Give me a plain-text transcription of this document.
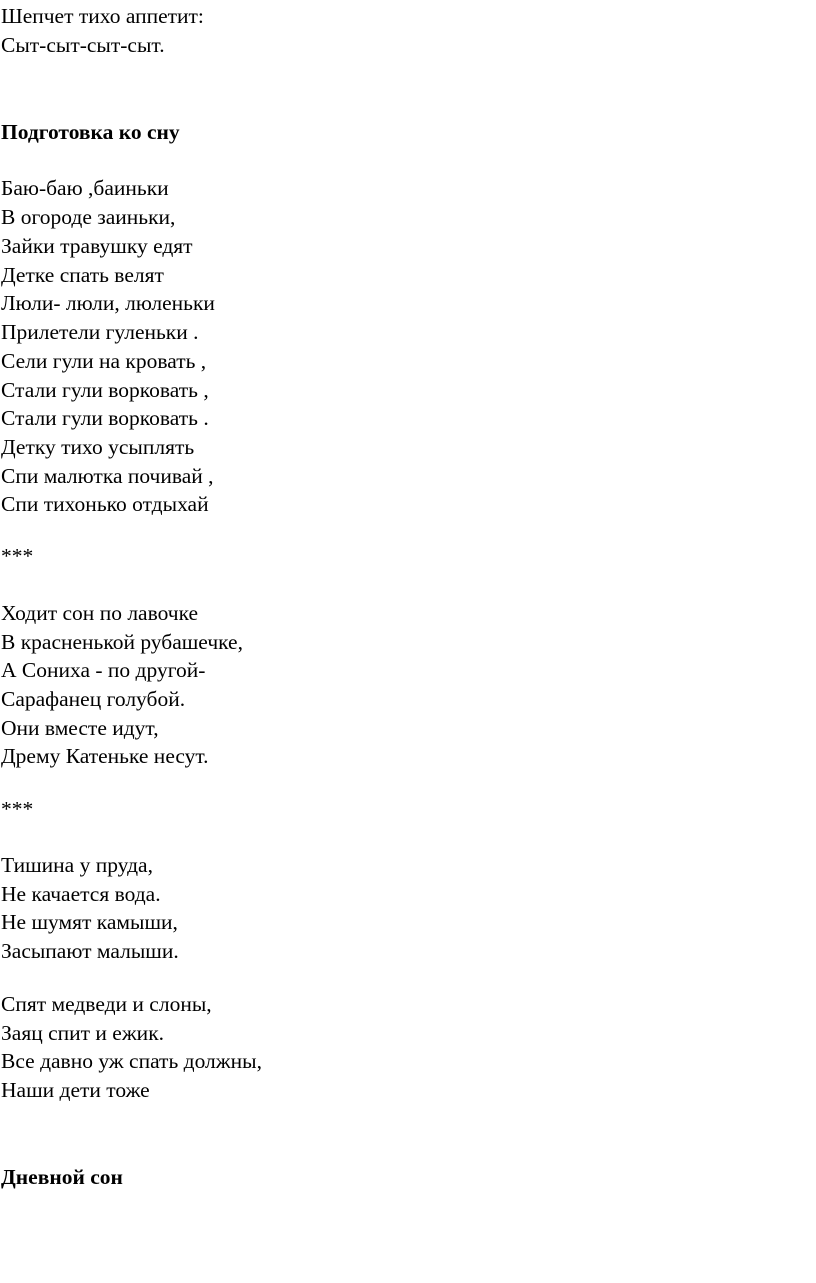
Шепчет тихо аппетит:

Сыт-сыт-сыт-сыт.

Подготовка ко сну

Баю-баю ,баиньки

В огороде заиньки,

Зайки травушку едят

Детке спать велят

Люли- люли, люленьки

Прилетели гуленьки .

Сели гули на кровать ,

Стали гули ворковать ,

Стали гули ворковать .

Детку тихо усыплять

Спи малютка почивай ,

Спи тихонько отдыхай

***

Ходит сон по лавочке

В красненькой рубашечке,

А Сониха - по другой-

Сарафанец голубой.

Они вместе идут,

Дрему Катеньке несут.

***

Тишина у пруда,

Не качается вода.

Не шумят камыши,

Засыпают малыши.

Спят медведи и слоны,

Заяц спит и ежик.

Все давно уж спать должны,

Наши дети тоже

Дневной сон
